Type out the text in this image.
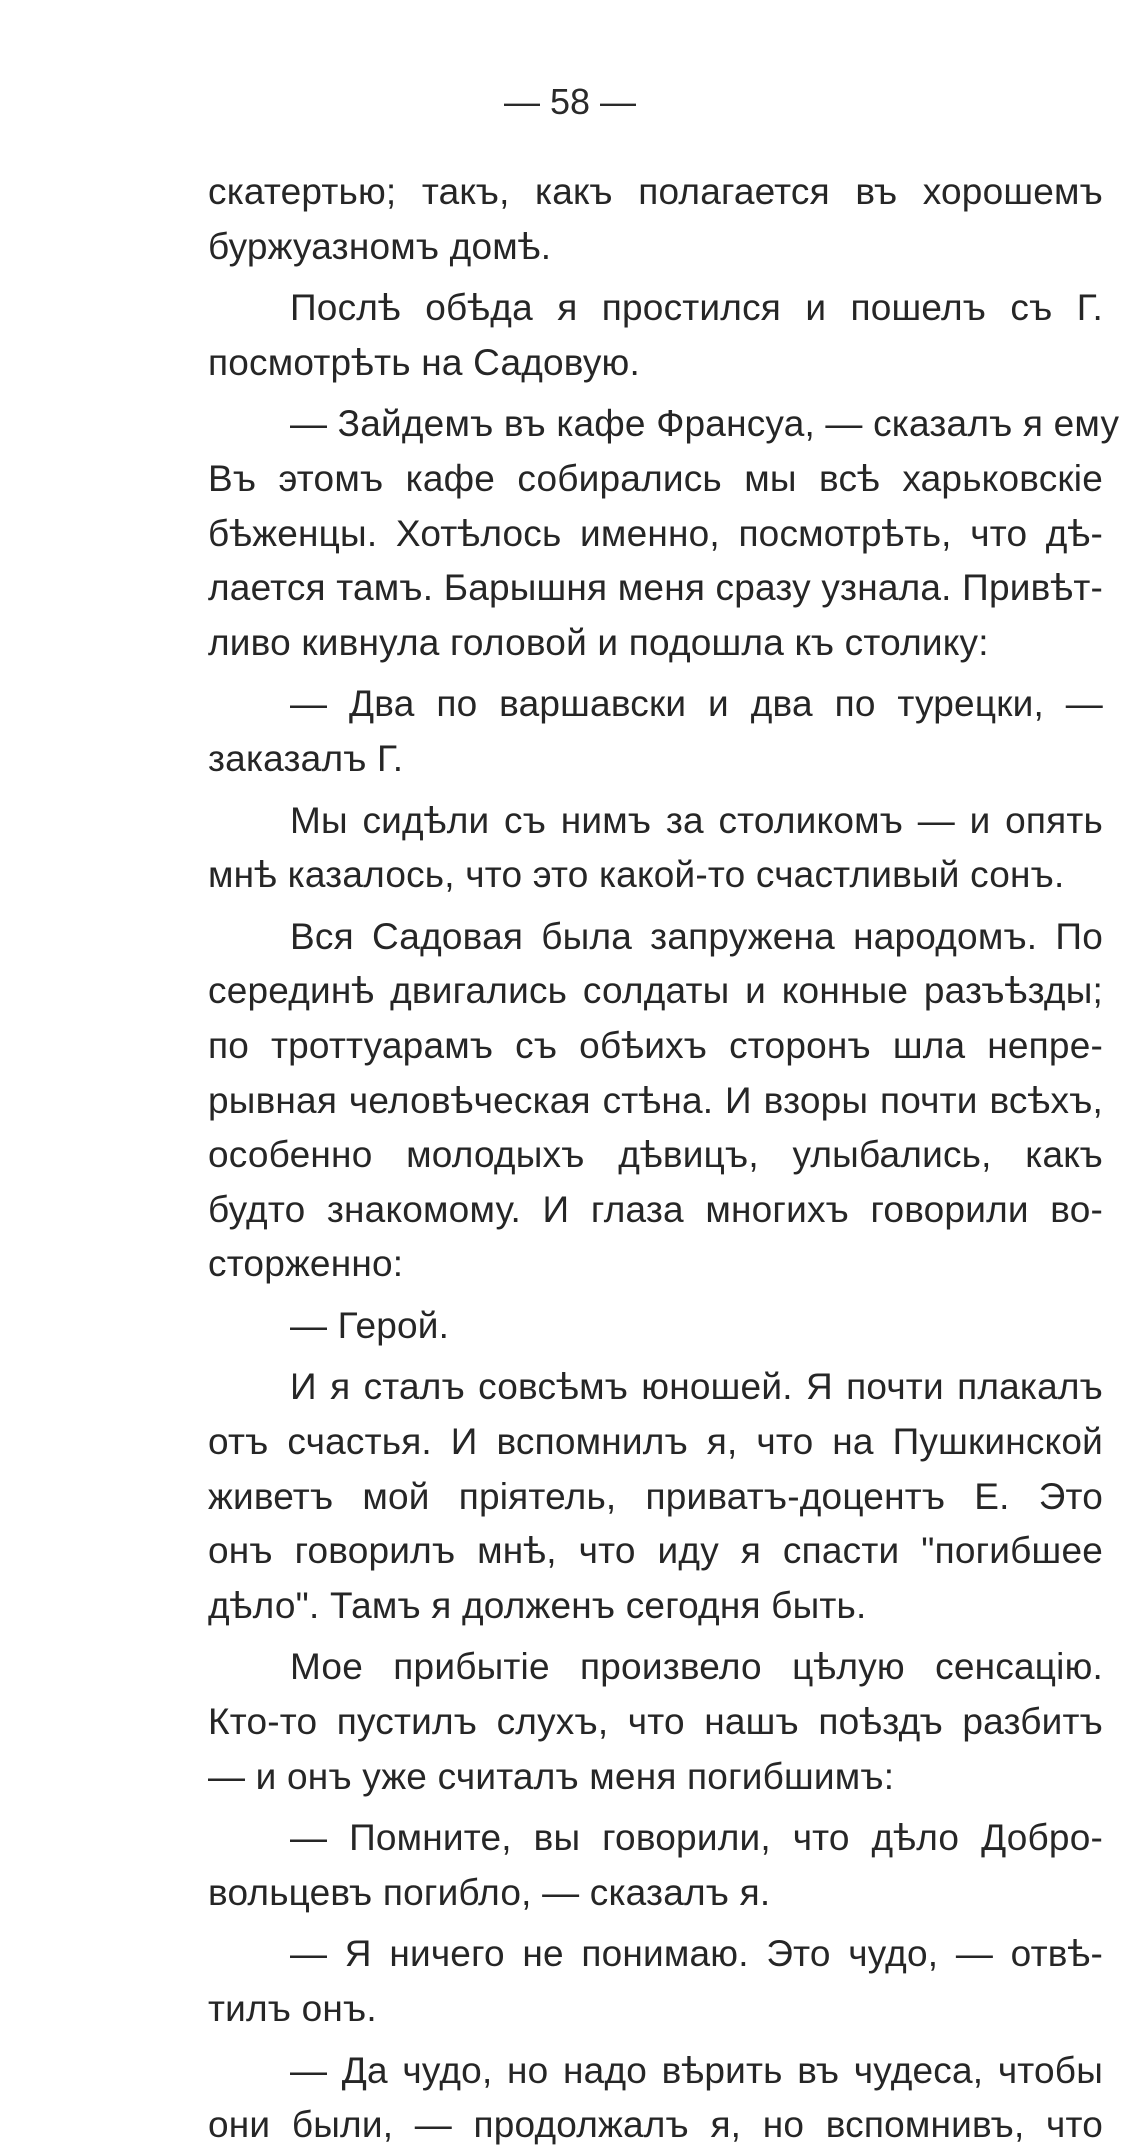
— 58 —
скатертью; такъ, какъ полагается въ хорошемъ
буржуазномъ домѣ.
Послѣ обѣда я простился и пошелъ съ Г.
посмотрѣть на Садовую.
— Зайдемъ въ кафе Франсуа, — сказалъ я ему
Въ этомъ кафе собирались мы всѣ харьковскіе
бѣженцы. Хотѣлось именно, посмотрѣть, что дѣ-
лается тамъ. Барышня меня сразу узнала. Привѣт-
ливо кивнула головой и подошла къ столику:
— Два по варшавски и два по турецки, —
заказалъ Г.
Мы сидѣли съ нимъ за столикомъ — и опять
мнѣ казалось, что это какой-то счастливый сонъ.
Вся Садовая была запружена народомъ. По
серединѣ двигались солдаты и конные разъѣзды;
по троттуарамъ съ обѣихъ сторонъ шла непре-
рывная человѣческая стѣна. И взоры почти всѣхъ,
особенно молодыхъ дѣвицъ, улыбались, какъ
будто знакомому. И глаза многихъ говорили во-
сторженно:
— Герой.
И я сталъ совсѣмъ юношей. Я почти плакалъ
отъ счастья. И вспомнилъ я, что на Пушкинской
живетъ мой пріятель, приватъ-доцентъ Е. Это
онъ говорилъ мнѣ, что иду я спасти "погибшее
дѣло". Тамъ я долженъ сегодня быть.
Мое прибытіе произвело цѣлую сенсацію.
Кто-то пустилъ слухъ, что нашъ поѣздъ разбитъ
— и онъ уже считалъ меня погибшимъ:
— Помните, вы говорили, что дѣло Добро-
вольцевъ погибло, — сказалъ я.
— Я ничего не понимаю. Это чудо, — отвѣ-
тилъ онъ.
— Да чудо, но надо вѣрить въ чудеса, чтобы
они были, — продолжалъ я, но вспомнивъ, что
